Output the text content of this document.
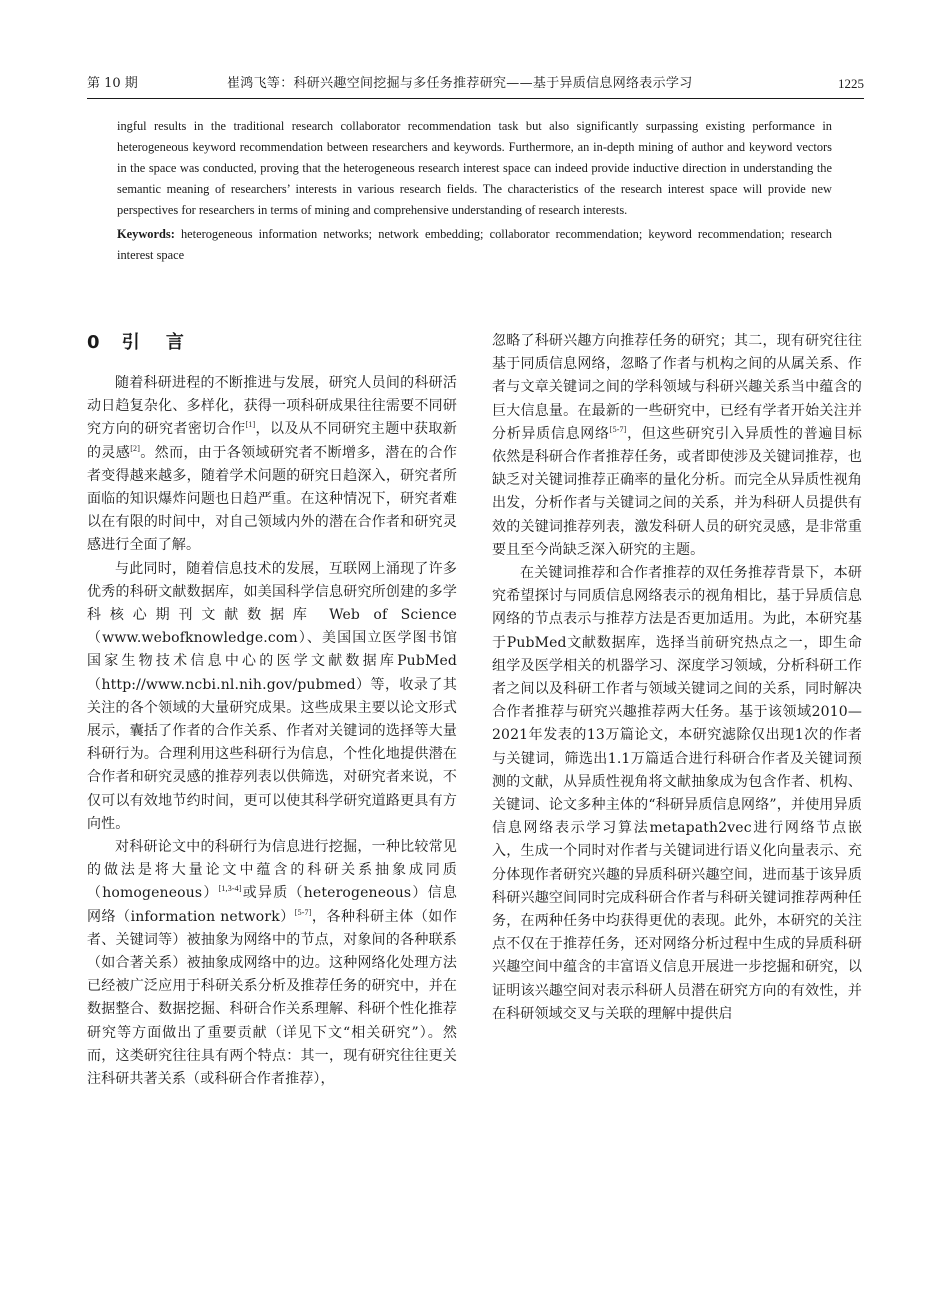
第 10 期	崔鸿飞等：科研兴趣空间挖掘与多任务推荐研究——基于异质信息网络表示学习	1225

ingful results in the traditional research collaborator recommendation task but also significantly surpassing existing performance in heterogeneous keyword recommendation between researchers and keywords. Furthermore, an in-depth mining of author and keyword vectors in the space was conducted, proving that the heterogeneous research interest space can indeed provide inductive direction in understanding the semantic meaning of researchers’ interests in various research fields. The characteristics of the research interest space will provide new perspectives for researchers in terms of mining and comprehensive understanding of research interests.

Keywords: heterogeneous information networks; network embedding; collaborator recommendation; keyword recommendation; research interest space

0 引 言

随着科研进程的不断推进与发展，研究人员间的科研活动日趋复杂化、多样化，获得一项科研成果往往需要不同研究方向的研究者密切合作[1]，以及从不同研究主题中获取新的灵感[2]。然而，由于各领域研究者不断增多，潜在的合作者变得越来越多，随着学术问题的研究日趋深入，研究者所面临的知识爆炸问题也日趋严重。在这种情况下，研究者难以在有限的时间中，对自己领域内外的潜在合作者和研究灵感进行全面了解。

与此同时，随着信息技术的发展，互联网上涌现了许多优秀的科研文献数据库，如美国科学信息研究所创建的多学科核心期刊文献数据库 Web of Science（www.webofknowledge.com）、美国国立医学图书馆国家生物技术信息中心的医学文献数据库PubMed（http://www.ncbi.nl.nih.gov/pubmed）等，收录了其关注的各个领域的大量研究成果。这些成果主要以论文形式展示，囊括了作者的合作关系、作者对关键词的选择等大量科研行为。合理利用这些科研行为信息，个性化地提供潜在合作者和研究灵感的推荐列表以供筛选，对研究者来说，不仅可以有效地节约时间，更可以使其科学研究道路更具有方向性。

对科研论文中的科研行为信息进行挖掘，一种比较常见的做法是将大量论文中蕴含的科研关系抽象成同质（homogeneous）[1,3-4]或异质（heterogeneous）信息网络（information network）[5-7]，各种科研主体（如作者、关键词等）被抽象为网络中的节点，对象间的各种联系（如合著关系）被抽象成网络中的边。这种网络化处理方法已经被广泛应用于科研关系分析及推荐任务的研究中，并在数据整合、数据挖掘、科研合作关系理解、科研个性化推荐研究等方面做出了重要贡献（详见下文“相关研究”）。然而，这类研究往往具有两个特点：其一，现有研究往往更关注科研共著关系（或科研合作者推荐），

忽略了科研兴趣方向推荐任务的研究；其二，现有研究往往基于同质信息网络，忽略了作者与机构之间的从属关系、作者与文章关键词之间的学科领域与科研兴趣关系当中蕴含的巨大信息量。在最新的一些研究中，已经有学者开始关注并分析异质信息网络[5-7]，但这些研究引入异质性的普遍目标依然是科研合作者推荐任务，或者即使涉及关键词推荐，也缺乏对关键词推荐正确率的量化分析。而完全从异质性视角出发，分析作者与关键词之间的关系，并为科研人员提供有效的关键词推荐列表，激发科研人员的研究灵感，是非常重要且至今尚缺乏深入研究的主题。

在关键词推荐和合作者推荐的双任务推荐背景下，本研究希望探讨与同质信息网络表示的视角相比，基于异质信息网络的节点表示与推荐方法是否更加适用。为此，本研究基于PubMed文献数据库，选择当前研究热点之一，即生命组学及医学相关的机器学习、深度学习领域，分析科研工作者之间以及科研工作者与领域关键词之间的关系，同时解决合作者推荐与研究兴趣推荐两大任务。基于该领域2010—2021年发表的13万篇论文，本研究滤除仅出现1次的作者与关键词，筛选出1.1万篇适合进行科研合作者及关键词预测的文献，从异质性视角将文献抽象成为包含作者、机构、关键词、论文多种主体的“科研异质信息网络”，并使用异质信息网络表示学习算法metapath2vec进行网络节点嵌入，生成一个同时对作者与关键词进行语义化向量表示、充分体现作者研究兴趣的异质科研兴趣空间，进而基于该异质科研兴趣空间同时完成科研合作者与科研关键词推荐两种任务，在两种任务中均获得更优的表现。此外，本研究的关注点不仅在于推荐任务，还对网络分析过程中生成的异质科研兴趣空间中蕴含的丰富语义信息开展进一步挖掘和研究，以证明该兴趣空间对表示科研人员潜在研究方向的有效性，并在科研领域交叉与关联的理解中提供启
